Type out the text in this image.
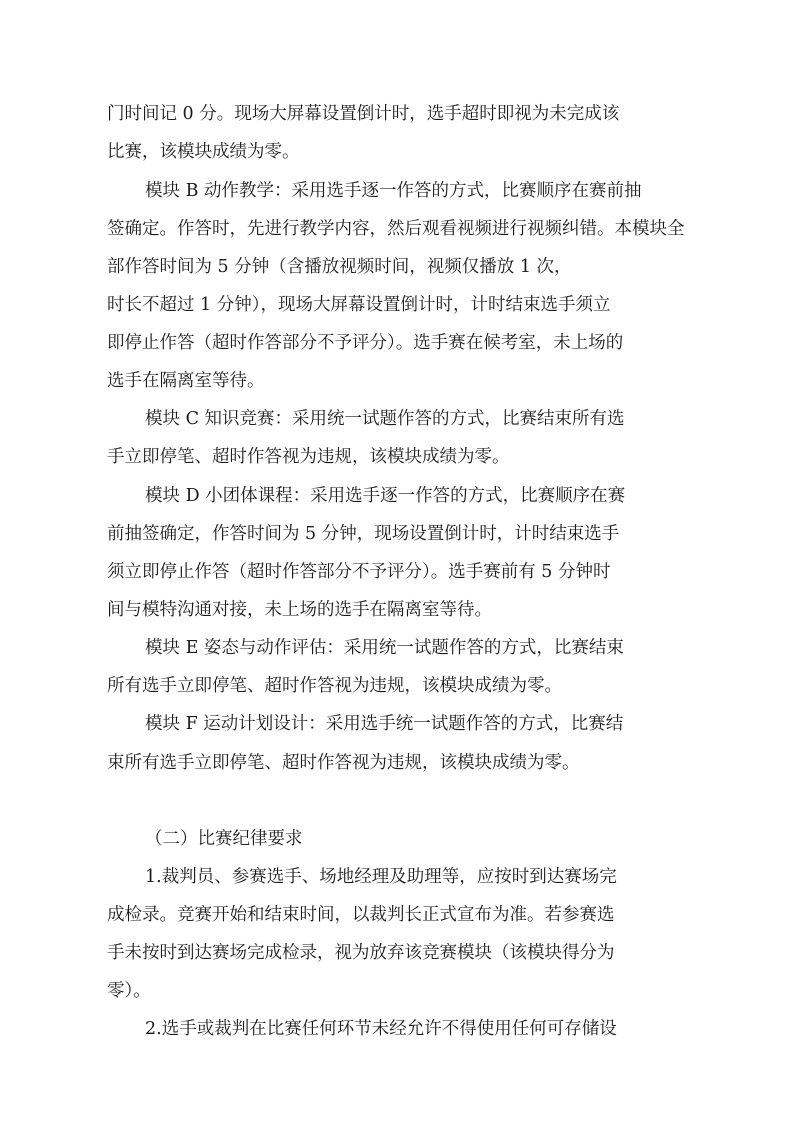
门时间记 0 分。现场大屏幕设置倒计时，选手超时即视为未完成该
比赛，该模块成绩为零。
模块 B 动作教学：采用选手逐一作答的方式，比赛顺序在赛前抽
签确定。作答时，先进行教学内容，然后观看视频进行视频纠错。本模块全
部作答时间为 5 分钟（含播放视频时间，视频仅播放 1 次，
时长不超过 1 分钟），现场大屏幕设置倒计时，计时结束选手须立
即停止作答（超时作答部分不予评分）。选手赛在候考室，未上场的
选手在隔离室等待。
模块 C 知识竞赛：采用统一试题作答的方式，比赛结束所有选
手立即停笔、超时作答视为违规，该模块成绩为零。
模块 D 小团体课程：采用选手逐一作答的方式，比赛顺序在赛
前抽签确定，作答时间为 5 分钟，现场设置倒计时，计时结束选手
须立即停止作答（超时作答部分不予评分）。选手赛前有 5 分钟时
间与模特沟通对接，未上场的选手在隔离室等待。
模块 E 姿态与动作评估：采用统一试题作答的方式，比赛结束
所有选手立即停笔、超时作答视为违规，该模块成绩为零。
模块 F 运动计划设计：采用选手统一试题作答的方式，比赛结
束所有选手立即停笔、超时作答视为违规，该模块成绩为零。
（二）比赛纪律要求
1.裁判员、参赛选手、场地经理及助理等，应按时到达赛场完
成检录。竞赛开始和结束时间，以裁判长正式宣布为准。若参赛选
手未按时到达赛场完成检录，视为放弃该竞赛模块（该模块得分为
零）。
2.选手或裁判在比赛任何环节未经允许不得使用任何可存储设
